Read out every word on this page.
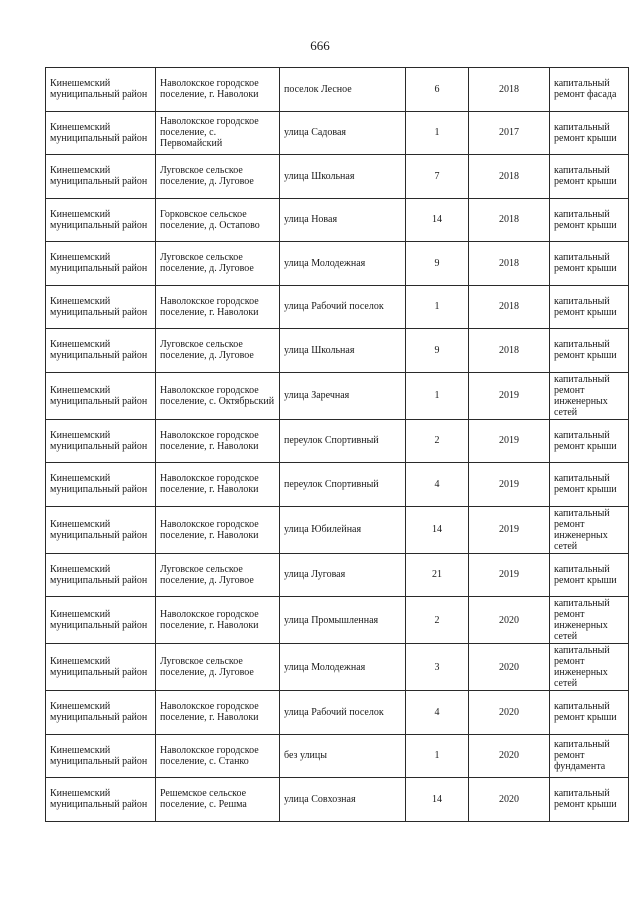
666
Кинешемский муниципальный район	Наволокское городское поселение, г. Наволоки	поселок Лесное	6	2018	капитальный ремонт фасада
Кинешемский муниципальный район	Наволокское городское поселение, с. Первомайский	улица Садовая	1	2017	капитальный ремонт крыши
Кинешемский муниципальный район	Луговское сельское поселение, д. Луговое	улица Школьная	7	2018	капитальный ремонт крыши
Кинешемский муниципальный район	Горковское сельское поселение, д. Остапово	улица Новая	14	2018	капитальный ремонт крыши
Кинешемский муниципальный район	Луговское сельское поселение, д. Луговое	улица Молодежная	9	2018	капитальный ремонт крыши
Кинешемский муниципальный район	Наволокское городское поселение, г. Наволоки	улица Рабочий поселок	1	2018	капитальный ремонт крыши
Кинешемский муниципальный район	Луговское сельское поселение, д. Луговое	улица Школьная	9	2018	капитальный ремонт крыши
Кинешемский муниципальный район	Наволокское городское поселение, с. Октябрьский	улица Заречная	1	2019	капитальный ремонт инженерных сетей
Кинешемский муниципальный район	Наволокское городское поселение, г. Наволоки	переулок Спортивный	2	2019	капитальный ремонт крыши
Кинешемский муниципальный район	Наволокское городское поселение, г. Наволоки	переулок Спортивный	4	2019	капитальный ремонт крыши
Кинешемский муниципальный район	Наволокское городское поселение, г. Наволоки	улица Юбилейная	14	2019	капитальный ремонт инженерных сетей
Кинешемский муниципальный район	Луговское сельское поселение, д. Луговое	улица Луговая	21	2019	капитальный ремонт крыши
Кинешемский муниципальный район	Наволокское городское поселение, г. Наволоки	улица Промышленная	2	2020	капитальный ремонт инженерных сетей
Кинешемский муниципальный район	Луговское сельское поселение, д. Луговое	улица Молодежная	3	2020	капитальный ремонт инженерных сетей
Кинешемский муниципальный район	Наволокское городское поселение, г. Наволоки	улица Рабочий поселок	4	2020	капитальный ремонт крыши
Кинешемский муниципальный район	Наволокское городское поселение, с. Станко	без улицы	1	2020	капитальный ремонт фундамента
Кинешемский муниципальный район	Решемское сельское поселение, с. Решма	улица Совхозная	14	2020	капитальный ремонт крыши
